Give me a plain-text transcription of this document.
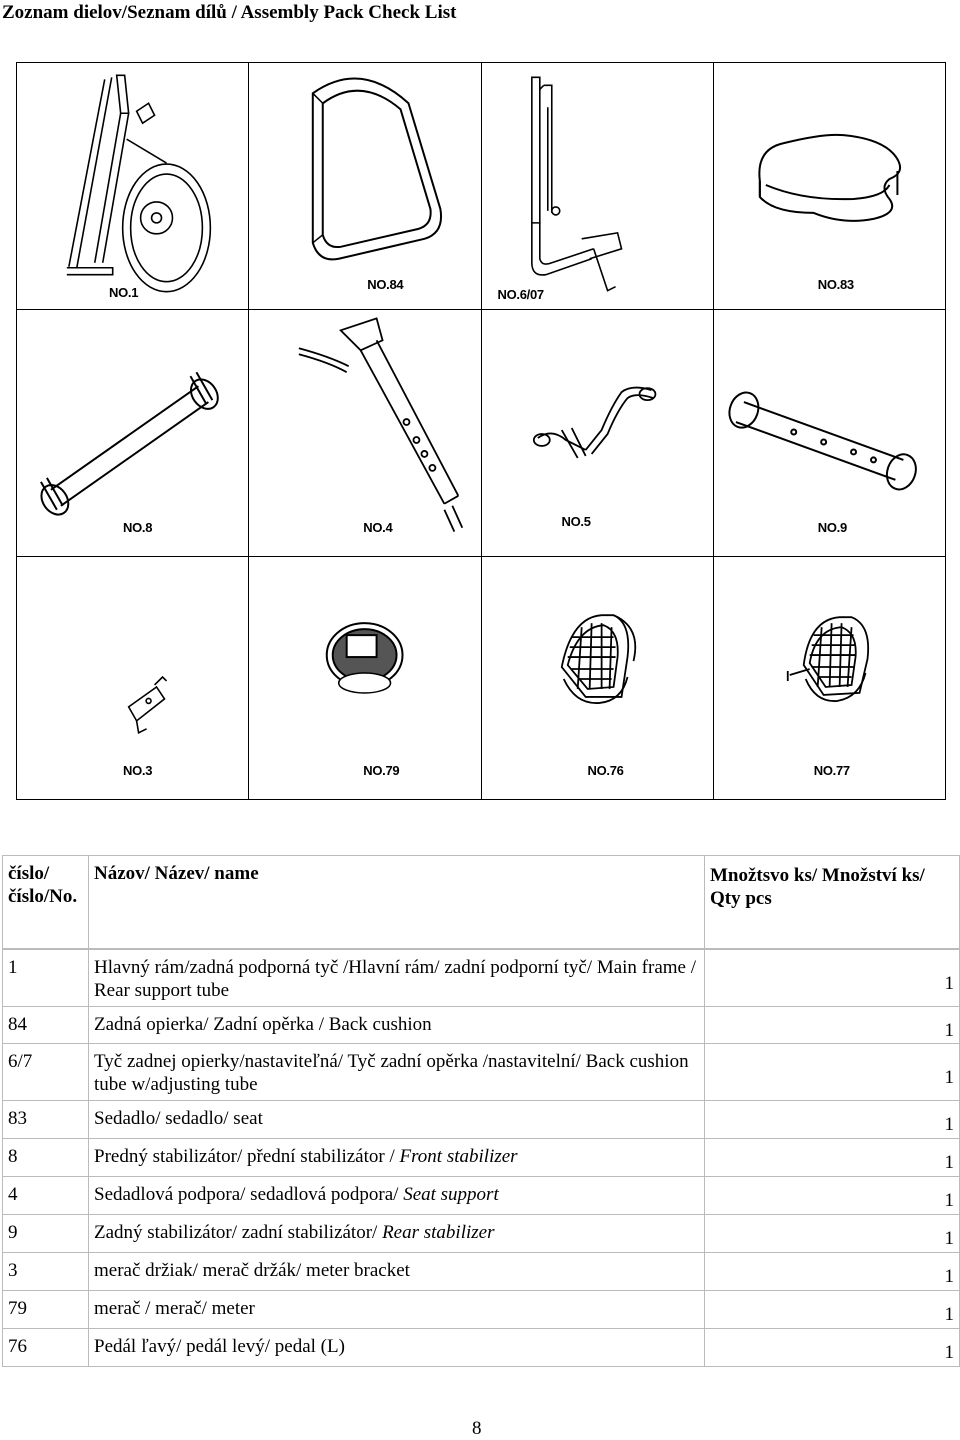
Zoznam dielov/Seznam dílů / Assembly Pack Check List
NO.1	NO.84	NO.6/07	NO.83

NO.8	NO.4	NO.5	NO.9

NO.3	NO.79	NO.76	NO.77
číslo/číslo/No.	Názov/ Název/ name	Množtsvo ks/ Množství ks/ Qty pcs
1	Hlavný rám/zadná podporná tyč /Hlavní rám/ zadní podporní tyč/ Main frame / Rear support tube	1
84	Zadná opierka/ Zadní opěrka / Back cushion	1
6/7	Tyč zadnej opierky/nastaviteľná/ Tyč zadní opěrka /nastavitelní/ Back cushion tube w/adjusting tube	1
83	Sedadlo/ sedadlo/ seat	1
8	Predný stabilizátor/ přední stabilizátor / Front stabilizer	1
4	Sedadlová podpora/ sedadlová podpora/ Seat support	1
9	Zadný stabilizátor/ zadní stabilizátor/ Rear stabilizer	1
3	merač držiak/ merač držák/ meter bracket	1
79	merač / merač/ meter	1
76	Pedál ľavý/ pedál levý/ pedal (L)	1
8
